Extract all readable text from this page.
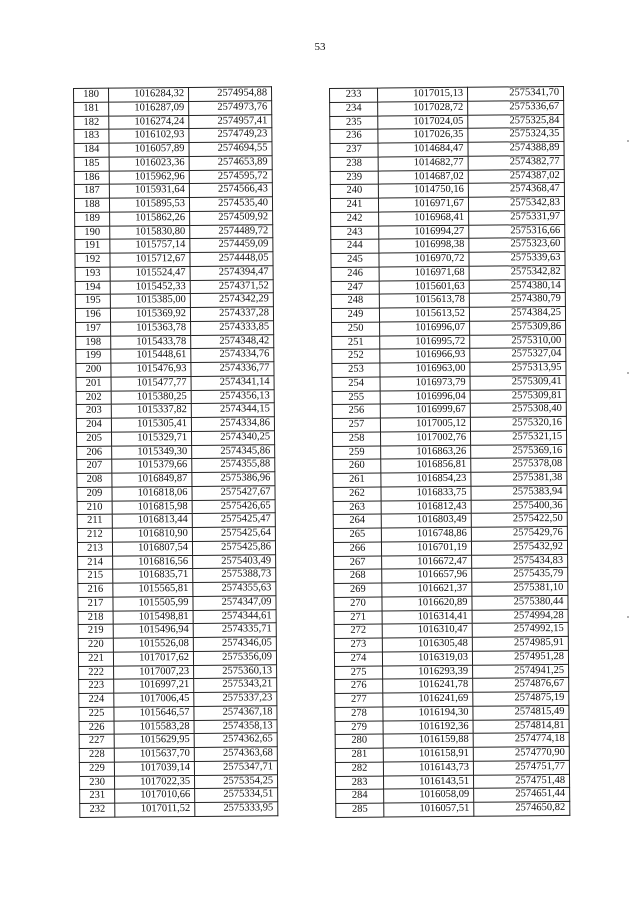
53
180	1016284,32	2574954,88
181	1016287,09	2574973,76
182	1016274,24	2574957,41
183	1016102,93	2574749,23
184	1016057,89	2574694,55
185	1016023,36	2574653,89
186	1015962,96	2574595,72
187	1015931,64	2574566,43
188	1015895,53	2574535,40
189	1015862,26	2574509,92
190	1015830,80	2574489,72
191	1015757,14	2574459,09
192	1015712,67	2574448,05
193	1015524,47	2574394,47
194	1015452,33	2574371,52
195	1015385,00	2574342,29
196	1015369,92	2574337,28
197	1015363,78	2574333,85
198	1015433,78	2574348,42
199	1015448,61	2574334,76
200	1015476,93	2574336,77
201	1015477,77	2574341,14
202	1015380,25	2574356,13
203	1015337,82	2574344,15
204	1015305,41	2574334,86
205	1015329,71	2574340,25
206	1015349,30	2574345,86
207	1015379,66	2574355,88
208	1016849,87	2575386,96
209	1016818,06	2575427,67
210	1016815,98	2575426,65
211	1016813,44	2575425,47
212	1016810,90	2575425,64
213	1016807,54	2575425,86
214	1016816,56	2575403,49
215	1016835,71	2575388,73
216	1015565,81	2574355,63
217	1015505,99	2574347,09
218	1015498,81	2574344,61
219	1015496,94	2574335,71
220	1015526,08	2574346,05
221	1017017,62	2575356,09
222	1017007,23	2575360,13
223	1016997,21	2575343,21
224	1017006,45	2575337,23
225	1015646,57	2574367,18
226	1015583,28	2574358,13
227	1015629,95	2574362,65
228	1015637,70	2574363,68
229	1017039,14	2575347,71
230	1017022,35	2575354,25
231	1017010,66	2575334,51
232	1017011,52	2575333,95
233	1017015,13	2575341,70
234	1017028,72	2575336,67
235	1017024,05	2575325,84
236	1017026,35	2575324,35
237	1014684,47	2574388,89
238	1014682,77	2574382,77
239	1014687,02	2574387,02
240	1014750,16	2574368,47
241	1016971,67	2575342,83
242	1016968,41	2575331,97
243	1016994,27	2575316,66
244	1016998,38	2575323,60
245	1016970,72	2575339,63
246	1016971,68	2575342,82
247	1015601,63	2574380,14
248	1015613,78	2574380,79
249	1015613,52	2574384,25
250	1016996,07	2575309,86
251	1016995,72	2575310,00
252	1016966,93	2575327,04
253	1016963,00	2575313,95
254	1016973,79	2575309,41
255	1016996,04	2575309,81
256	1016999,67	2575308,40
257	1017005,12	2575320,16
258	1017002,76	2575321,15
259	1016863,26	2575369,16
260	1016856,81	2575378,08
261	1016854,23	2575381,38
262	1016833,75	2575383,94
263	1016812,43	2575400,36
264	1016803,49	2575422,50
265	1016748,86	2575429,76
266	1016701,19	2575432,92
267	1016672,47	2575434,83
268	1016657,96	2575435,79
269	1016621,37	2575381,10
270	1016620,89	2575380,44
271	1016314,41	2574994,28
272	1016310,47	2574992,15
273	1016305,48	2574985,91
274	1016319,03	2574951,28
275	1016293,39	2574941,25
276	1016241,78	2574876,67
277	1016241,69	2574875,19
278	1016194,30	2574815,49
279	1016192,36	2574814,81
280	1016159,88	2574774,18
281	1016158,91	2574770,90
282	1016143,73	2574751,77
283	1016143,51	2574751,48
284	1016058,09	2574651,44
285	1016057,51	2574650,82
